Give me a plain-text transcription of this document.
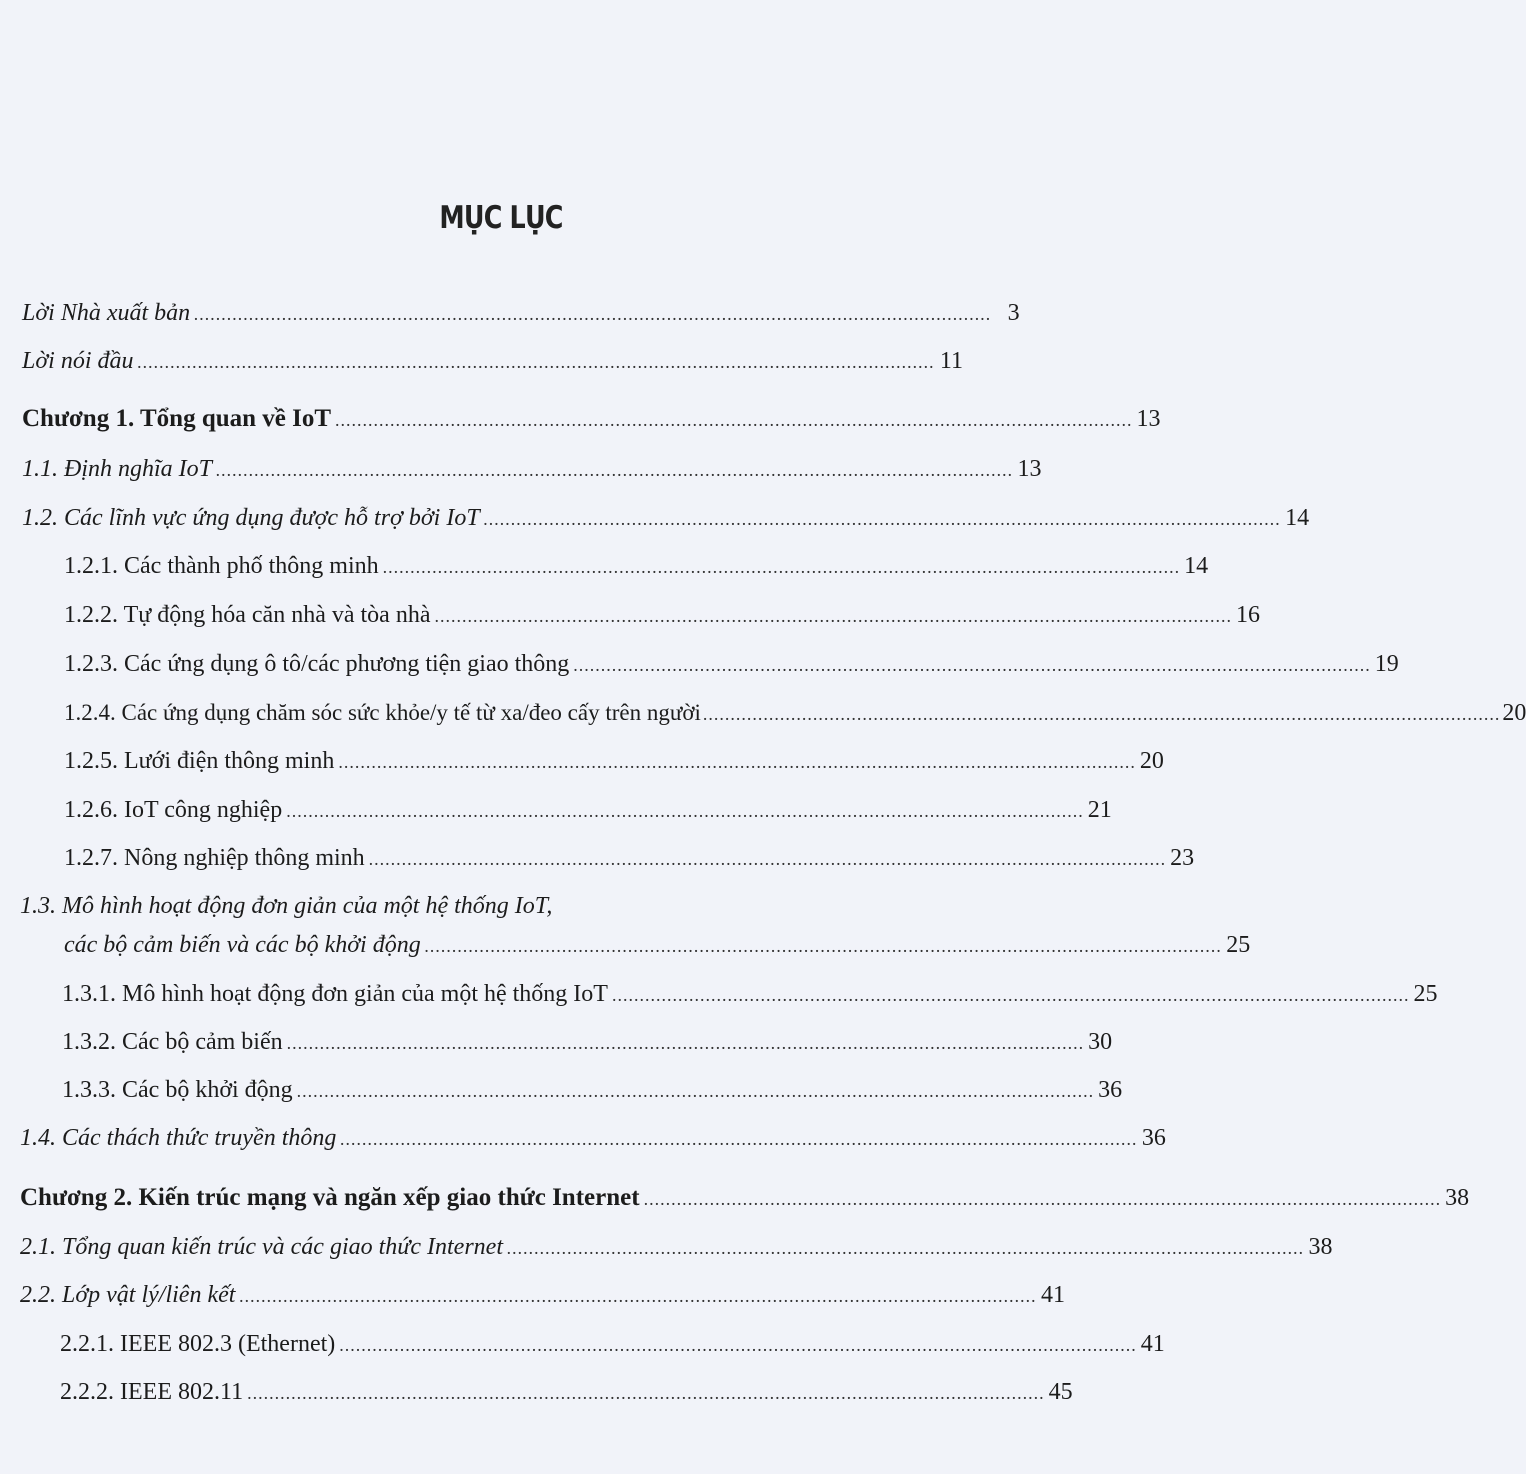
MỤC LỤC
Lời Nhà xuất bản ................................................................................................................................................. 3
Lời nói đầu ................................................................................................................................................. 11
Chương 1. Tổng quan về IoT ................................................................................................................................................. 13
1.1. Định nghĩa IoT ................................................................................................................................................. 13
1.2. Các lĩnh vực ứng dụng được hỗ trợ bởi IoT ................................................................................................................................................. 14
1.2.1. Các thành phố thông minh ................................................................................................................................................. 14
1.2.2. Tự động hóa căn nhà và tòa nhà ................................................................................................................................................. 16
1.2.3. Các ứng dụng ô tô/các phương tiện giao thông ................................................................................................................................................. 19
1.2.4. Các ứng dụng chăm sóc sức khỏe/y tế từ xa/đeo cấy trên người ................................................................................................................................................. 20
1.2.5. Lưới điện thông minh ................................................................................................................................................. 20
1.2.6. IoT công nghiệp ................................................................................................................................................. 21
1.2.7. Nông nghiệp thông minh ................................................................................................................................................. 23
1.3. Mô hình hoạt động đơn giản của một hệ thống IoT,
các bộ cảm biến và các bộ khởi động ................................................................................................................................................. 25
1.3.1. Mô hình hoạt động đơn giản của một hệ thống IoT ................................................................................................................................................. 25
1.3.2. Các bộ cảm biến ................................................................................................................................................. 30
1.3.3. Các bộ khởi động ................................................................................................................................................. 36
1.4. Các thách thức truyền thông ................................................................................................................................................. 36
Chương 2. Kiến trúc mạng và ngăn xếp giao thức Internet ................................................................................................................................................. 38
2.1. Tổng quan kiến trúc và các giao thức Internet ................................................................................................................................................. 38
2.2. Lớp vật lý/liên kết ................................................................................................................................................. 41
2.2.1. IEEE 802.3 (Ethernet) ................................................................................................................................................. 41
2.2.2. IEEE 802.11 ................................................................................................................................................. 45
